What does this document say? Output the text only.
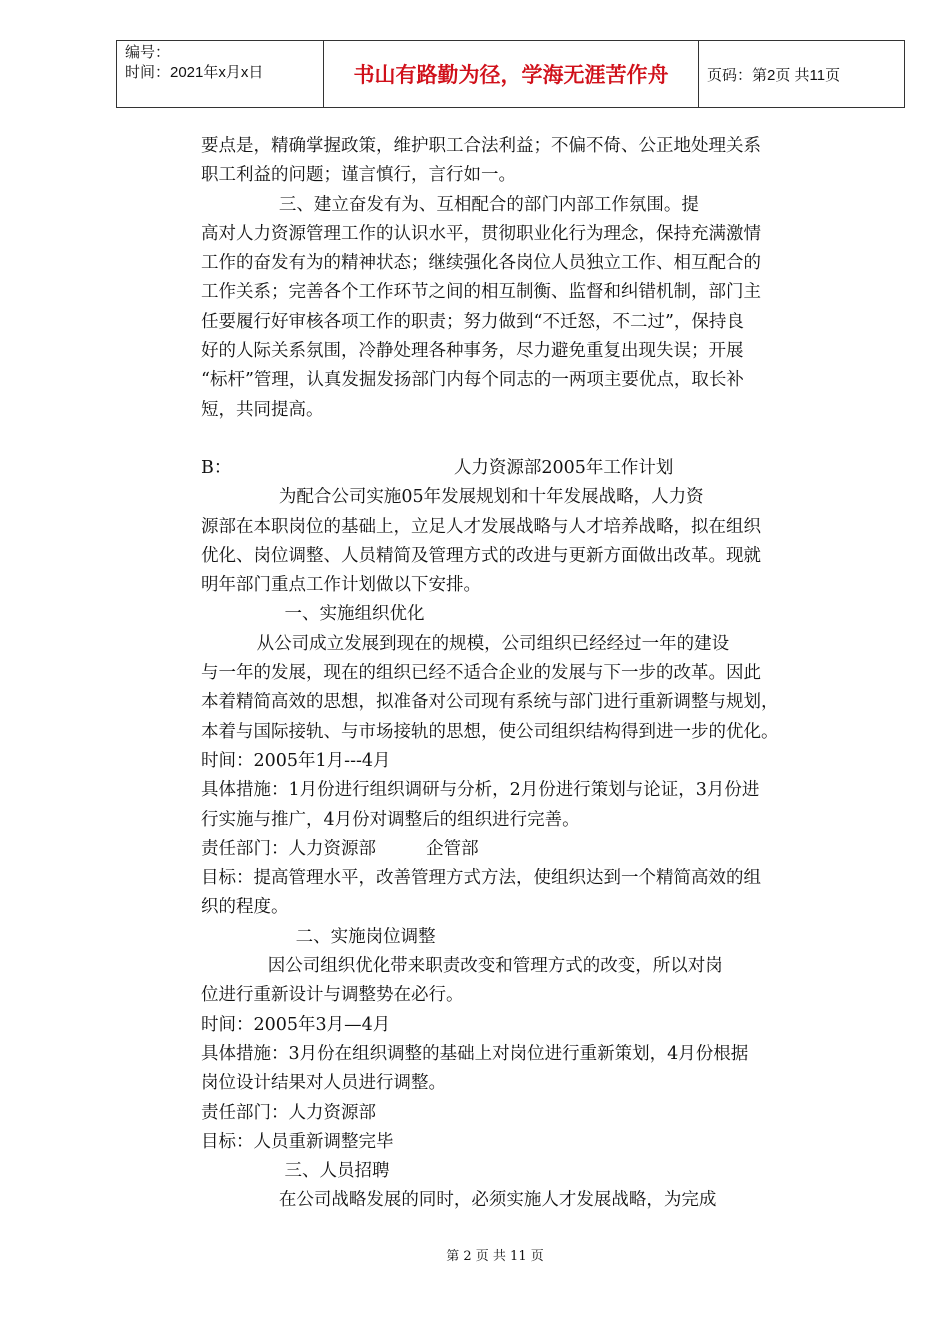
编号：
时间：2021年x月x日	书山有路勤为径，学海无涯苦作舟	页码：第2页 共11页

要点是，精确掌握政策，维护职工合法利益；不偏不倚、公正地处理关系

职工利益的问题；谨言慎行，言行如一。

三、建立奋发有为、互相配合的部门内部工作氛围。提

高对人力资源管理工作的认识水平，贯彻职业化行为理念，保持充满激情

工作的奋发有为的精神状态；继续强化各岗位人员独立工作、相互配合的

工作关系；完善各个工作环节之间的相互制衡、监督和纠错机制，部门主

任要履行好审核各项工作的职责；努力做到“不迁怒，不二过”，保持良

好的人际关系氛围，冷静处理各种事务，尽力避免重复出现失误；开展

“标杆”管理，认真发掘发扬部门内每个同志的一两项主要优点，取长补

短，共同提高。

B：                                        人力资源部2005年工作计划

为配合公司实施05年发展规划和十年发展战略，人力资

源部在本职岗位的基础上，立足人才发展战略与人才培养战略，拟在组织

优化、岗位调整、人员精简及管理方式的改进与更新方面做出改革。现就

明年部门重点工作计划做以下安排。

一、实施组织优化

从公司成立发展到现在的规模，公司组织已经经过一年的建设

与一年的发展，现在的组织已经不适合企业的发展与下一步的改革。因此

本着精简高效的思想，拟准备对公司现有系统与部门进行重新调整与规划，

本着与国际接轨、与市场接轨的思想，使公司组织结构得到进一步的优化。

时间：2005年1月---4月

具体措施：1月份进行组织调研与分析，2月份进行策划与论证，3月份进

行实施与推广，4月份对调整后的组织进行完善。

责任部门：人力资源部         企管部

目标：提高管理水平，改善管理方式方法，使组织达到一个精简高效的组

织的程度。

二、实施岗位调整

因公司组织优化带来职责改变和管理方式的改变，所以对岗

位进行重新设计与调整势在必行。

时间：2005年3月—4月

具体措施：3月份在组织调整的基础上对岗位进行重新策划，4月份根据

岗位设计结果对人员进行调整。

责任部门：人力资源部

目标：人员重新调整完毕

三、人员招聘

在公司战略发展的同时，必须实施人才发展战略，为完成

第 2 页 共 11 页
